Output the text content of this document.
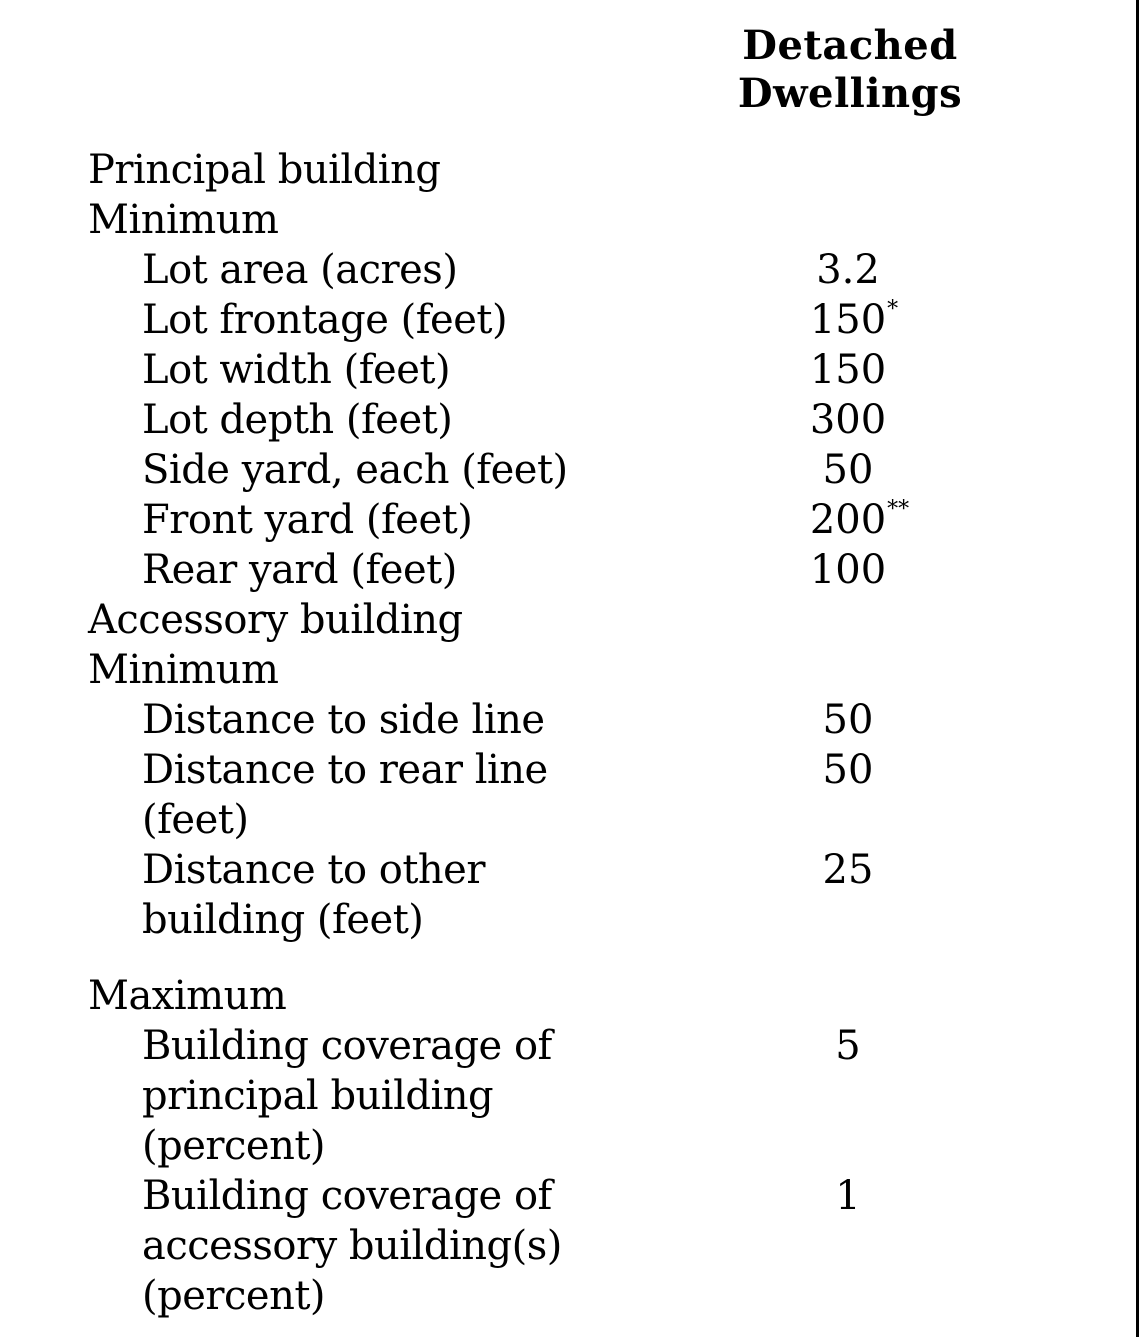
Detached
Dwellings
Principal building
Minimum
Lot area (acres)	3.2
Lot frontage (feet)	150 *
Lot width (feet)	150
Lot depth (feet)	300
Side yard, each (feet)	50
Front yard (feet)	200 **
Rear yard (feet)	100
Accessory building
Minimum
Distance to side line	50
Distance to rear line	50
(feet)
Distance to other	25
building (feet)
Maximum
Building coverage of	5
principal building
(percent)
Building coverage of	1
accessory building(s)
(percent)
